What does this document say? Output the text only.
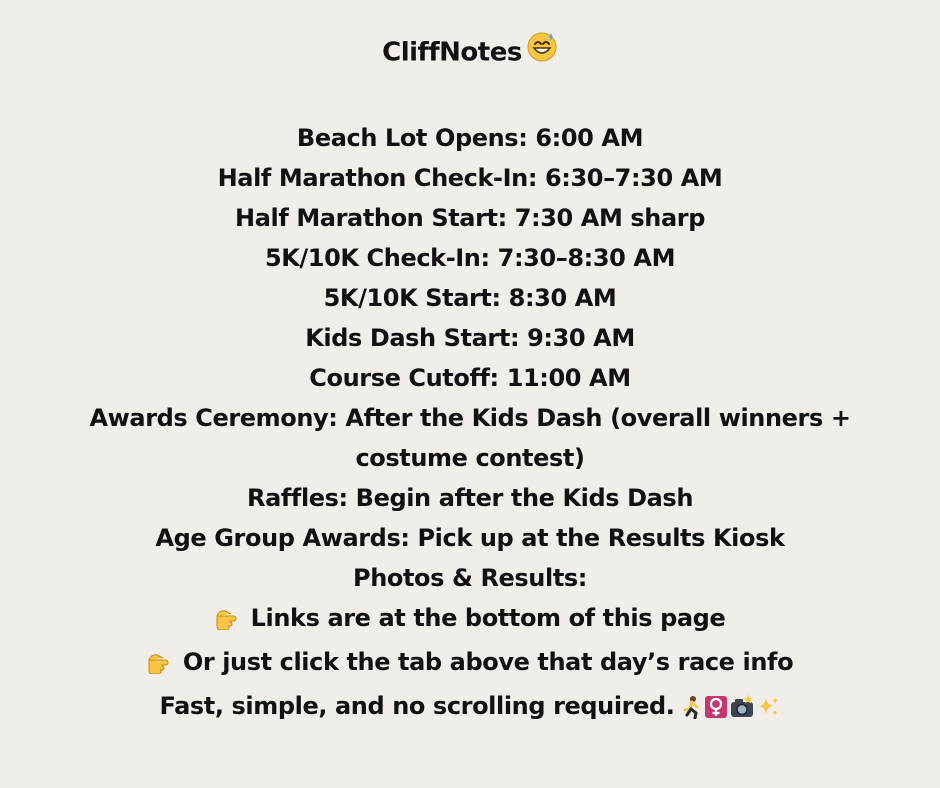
CliffNotes
Beach Lot Opens: 6:00 AM
Half Marathon Check-In: 6:30–7:30 AM
Half Marathon Start: 7:30 AM sharp
5K/10K Check-In: 7:30–8:30 AM
5K/10K Start: 8:30 AM
Kids Dash Start: 9:30 AM
Course Cutoff: 11:00 AM
Awards Ceremony: After the Kids Dash (overall winners + costume contest)
Raffles: Begin after the Kids Dash
Age Group Awards: Pick up at the Results Kiosk
Photos & Results:
Links are at the bottom of this page
Or just click the tab above that day’s race info
Fast, simple, and no scrolling required.
